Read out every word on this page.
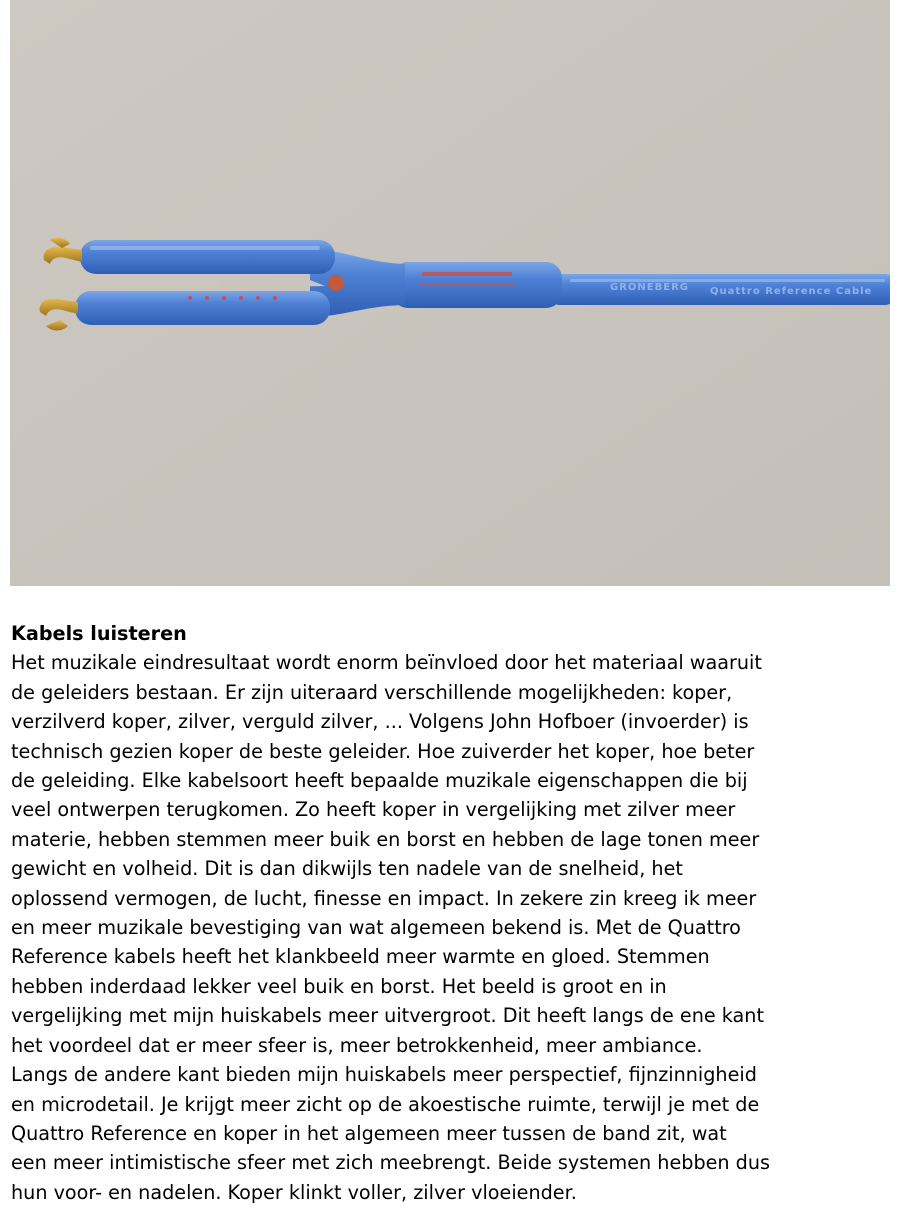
GRONEBERG Quattro Reference Cable
Kabels luisteren
Het muzikale eindresultaat wordt enorm beïnvloed door het materiaal waaruit
de geleiders bestaan. Er zijn uiteraard verschillende mogelijkheden: koper,
verzilverd koper, zilver, verguld zilver, ... Volgens John Hofboer (invoerder) is
technisch gezien koper de beste geleider. Hoe zuiverder het koper, hoe beter
de geleiding. Elke kabelsoort heeft bepaalde muzikale eigenschappen die bij
veel ontwerpen terugkomen. Zo heeft koper in vergelijking met zilver meer
materie, hebben stemmen meer buik en borst en hebben de lage tonen meer
gewicht en volheid. Dit is dan dikwijls ten nadele van de snelheid, het
oplossend vermogen, de lucht, finesse en impact. In zekere zin kreeg ik meer
en meer muzikale bevestiging van wat algemeen bekend is. Met de Quattro
Reference kabels heeft het klankbeeld meer warmte en gloed. Stemmen
hebben inderdaad lekker veel buik en borst. Het beeld is groot en in
vergelijking met mijn huiskabels meer uitvergroot. Dit heeft langs de ene kant
het voordeel dat er meer sfeer is, meer betrokkenheid, meer ambiance.
Langs de andere kant bieden mijn huiskabels meer perspectief, fijnzinnigheid
en microdetail. Je krijgt meer zicht op de akoestische ruimte, terwijl je met de
Quattro Reference en koper in het algemeen meer tussen de band zit, wat
een meer intimistische sfeer met zich meebrengt. Beide systemen hebben dus
hun voor- en nadelen. Koper klinkt voller, zilver vloeiender.
